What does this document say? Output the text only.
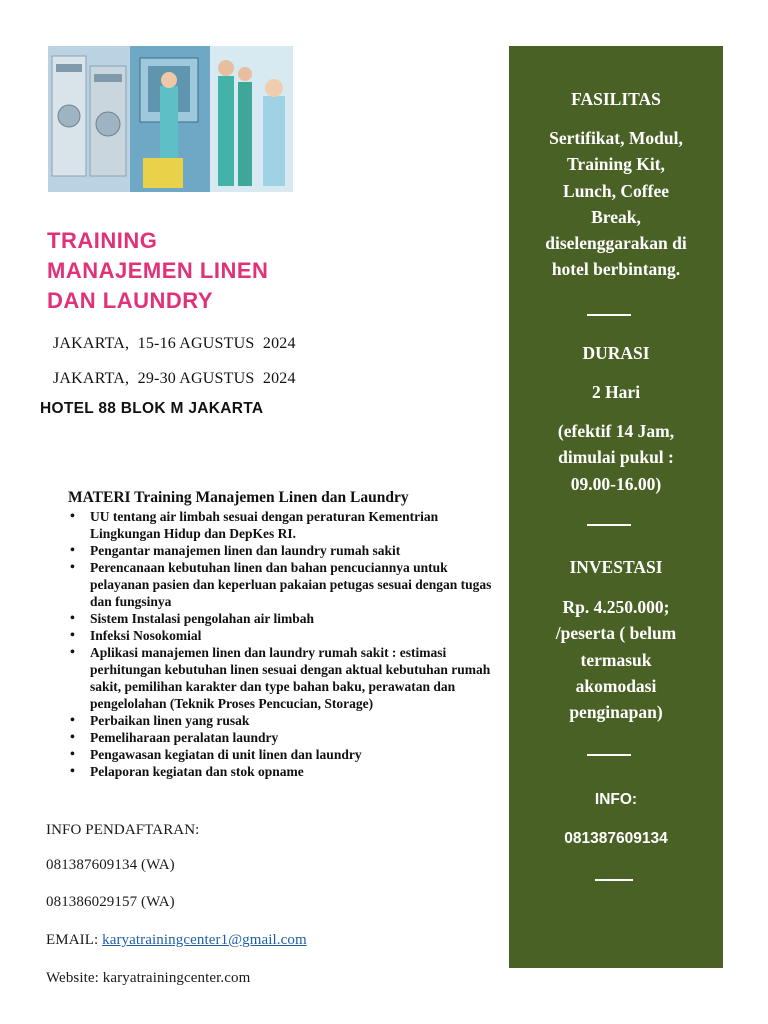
TRAINING
MANAJEMEN LINEN
DAN LAUNDRY
JAKARTA,  15-16 AGUSTUS  2024
JAKARTA,  29-30 AGUSTUS  2024
HOTEL 88 BLOK M JAKARTA

MATERI Training Manajemen Linen dan Laundry

• UU tentang air limbah sesuai dengan peraturan Kementrian Lingkungan Hidup dan DepKes RI.
• Pengantar manajemen linen dan laundry rumah sakit
• Perencanaan kebutuhan linen dan bahan pencuciannya untuk pelayanan pasien dan keperluan pakaian petugas sesuai dengan tugas dan fungsinya
• Sistem Instalasi pengolahan air limbah
• Infeksi Nosokomial
• Aplikasi manajemen linen dan laundry rumah sakit : estimasi perhitungan kebutuhan linen sesuai dengan aktual kebutuhan rumah sakit, pemilihan karakter dan type bahan baku, perawatan dan pengelolahan (Teknik Proses Pencucian, Storage)
• Perbaikan linen yang rusak
• Pemeliharaan peralatan laundry
• Pengawasan kegiatan di unit linen dan laundry
• Pelaporan kegiatan dan stok opname
INFO PENDAFTARAN:
081387609134 (WA)
081386029157 (WA)
EMAIL: karyatrainingcenter1@gmail.com
Website: karyatrainingcenter.com

FASILITAS

Sertifikat, Modul,
Training Kit,
Lunch, Coffee
Break,
diselenggarakan di
hotel berbintang.

DURASI

2 Hari

(efektif 14 Jam,
dimulai pukul :
09.00-16.00)

INVESTASI

Rp. 4.250.000;
/peserta ( belum
termasuk
akomodasi
penginapan)

INFO:

081387609134
